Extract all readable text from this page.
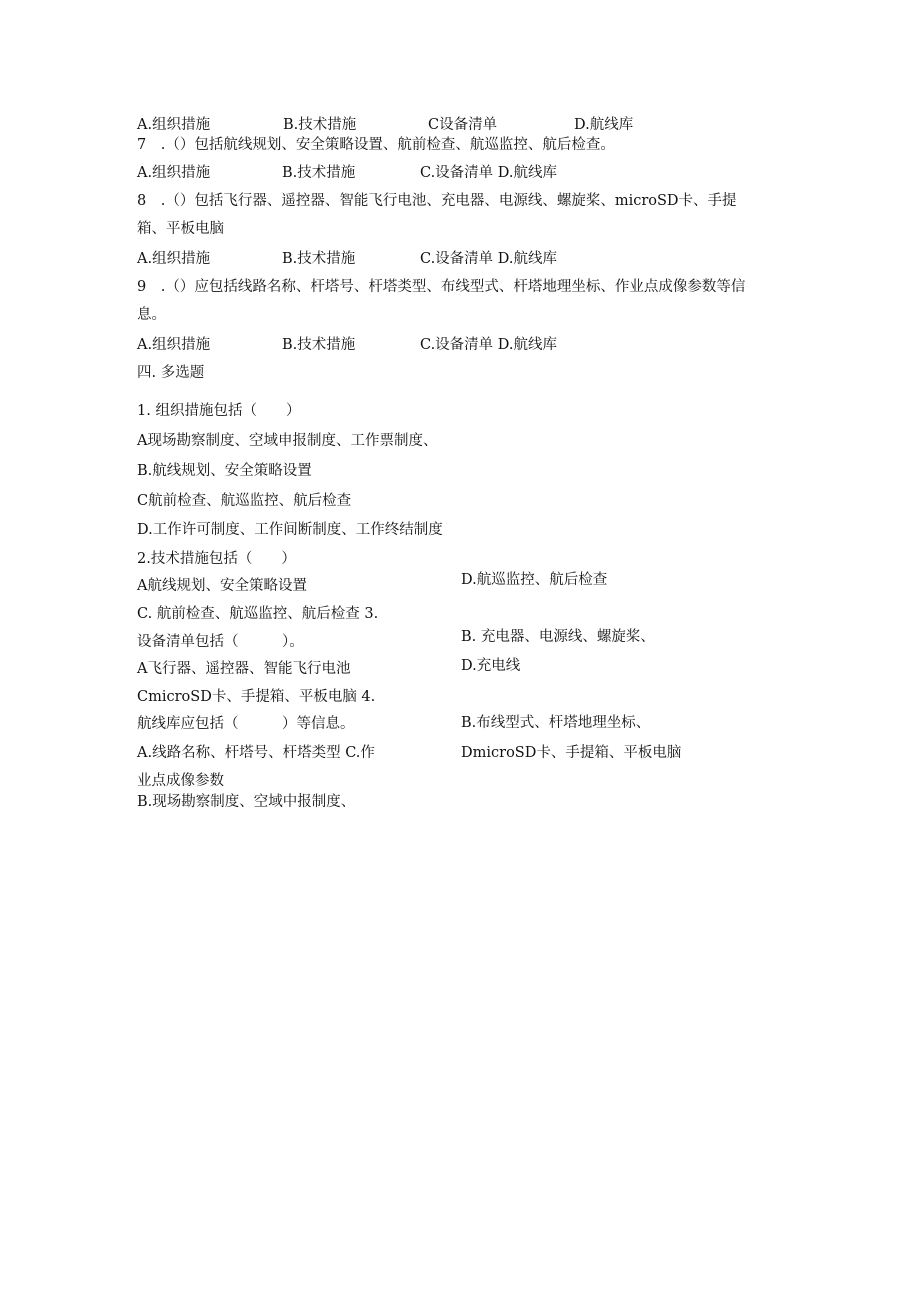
A.组织措施	B.技术措施	C设备清单	D.航线库
7　.（）包括航线规划、安全策略设置、航前检查、航巡监控、航后检查。
A.组织措施	B.技术措施	C.设备清单 D.航线库
8　.（）包括飞行器、遥控器、智能飞行电池、充电器、电源线、螺旋桨、microSD卡、手提
箱、平板电脑
A.组织措施	B.技术措施	C.设备清单 D.航线库
9　.（）应包括线路名称、杆塔号、杆塔类型、布线型式、杆塔地理坐标、作业点成像参数等信
息。
A.组织措施	B.技术措施	C.设备清单 D.航线库
四. 多选题
1. 组织措施包括（　　）
A现场勘察制度、空域申报制度、工作票制度、
B.航线规划、安全策略设置
C航前检查、航巡监控、航后检查
D.工作许可制度、工作间断制度、工作终结制度
2.技术措施包括（　　）
A航线规划、安全策略设置	D.航巡监控、航后检查
C. 航前检查、航巡监控、航后检查 3.
设备清单包括（　　　）。	B. 充电器、电源线、螺旋桨、
A飞行器、遥控器、智能飞行电池	D.充电线
CmicroSD卡、手提箱、平板电脑 4.
航线库应包括（　　　）等信息。	B.布线型式、杆塔地理坐标、
A.线路名称、杆塔号、杆塔类型 C.作	DmicroSD卡、手提箱、平板电脑
业点成像参数
B.现场勘察制度、空域中报制度、
